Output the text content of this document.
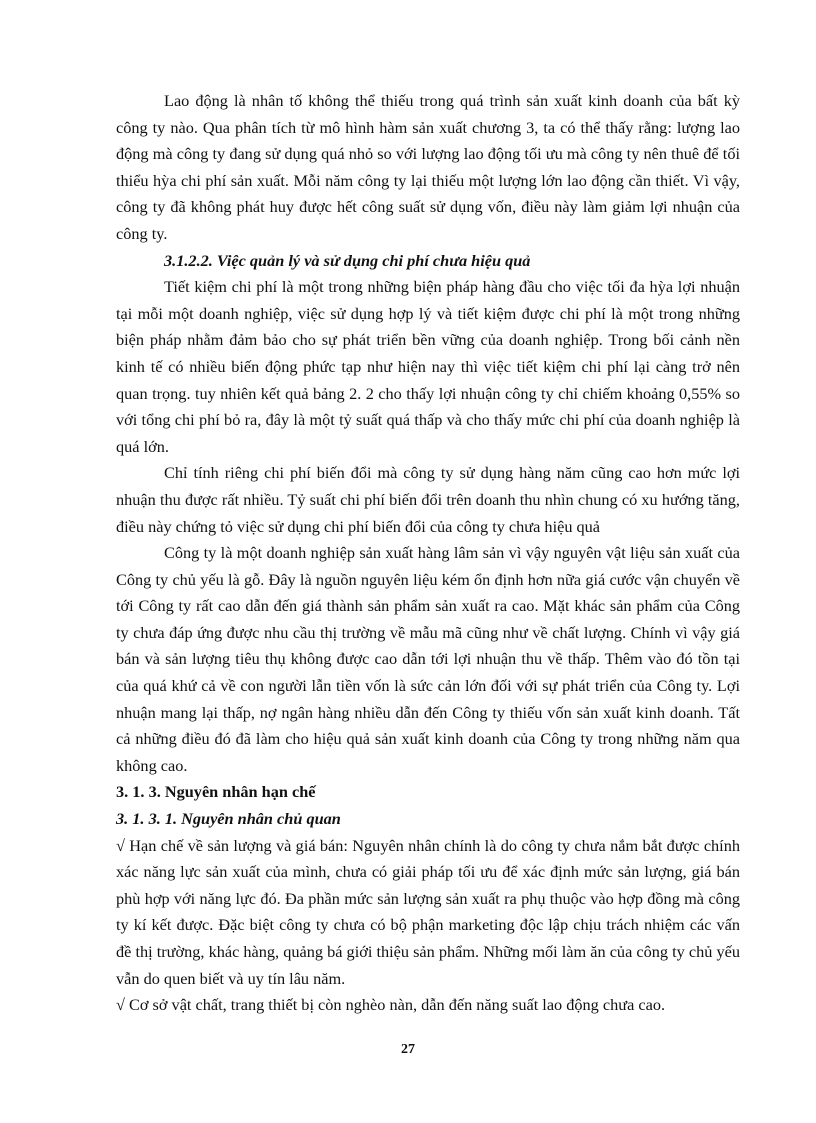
Lao động là nhân tố không thể thiếu trong quá trình sản xuất kinh doanh của bất kỳ công ty nào. Qua phân tích từ mô hình hàm sản xuất chương 3, ta có thể thấy rằng: lượng lao động mà công ty đang sử dụng quá nhỏ so với lượng lao động tối ưu mà công ty nên thuê để tối thiểu hỳa chi phí sản xuất. Mỗi năm công ty lại thiếu một lượng lớn lao động cần thiết. Vì vậy, công ty đã không phát huy được hết công suất sử dụng vốn, điều này làm giảm lợi nhuận của công ty.

3.1.2.2. Việc quản lý và sử dụng chi phí chưa hiệu quả

Tiết kiệm chi phí là một trong những biện pháp hàng đầu cho việc tối đa hỳa lợi nhuận tại mỗi một doanh nghiệp, việc sử dụng hợp lý và tiết kiệm được chi phí là một trong những biện pháp nhằm đảm bảo cho sự phát triển bền vững của doanh nghiệp. Trong bối cảnh nền kinh tế có nhiều biến động phức tạp như hiện nay thì việc tiết kiệm chi phí lại càng trở nên quan trọng. tuy nhiên kết quả bảng 2. 2 cho thấy lợi nhuận công ty chỉ chiếm khoảng 0,55% so với tổng chi phí bỏ ra, đây là một tỷ suất quá thấp và cho thấy mức chi phí của doanh nghiệp là quá lớn.

Chỉ tính riêng chi phí biến đổi mà công ty sử dụng hàng năm cũng cao hơn mức lợi nhuận thu được rất nhiều. Tỷ suất chi phí biến đổi trên doanh thu nhìn chung có xu hướng tăng, điều này chứng tỏ việc sử dụng chi phí biến đổi của công ty chưa hiệu quả

Công ty là một doanh nghiệp sản xuất hàng lâm sản vì vậy nguyên vật liệu sản xuất của Công ty chủ yếu là gỗ. Đây là nguồn nguyên liệu kém ổn định hơn nữa giá cước vận chuyển về tới Công ty rất cao dẫn đến giá thành sản phẩm sản xuất ra cao. Mặt khác sản phẩm của Công ty chưa đáp ứng được nhu cầu thị trường về mẫu mã cũng như về chất lượng. Chính vì vậy giá bán và sản lượng tiêu thụ không được cao dẫn tới lợi nhuận thu về thấp. Thêm vào đó tồn tại của quá khứ cả về con người lẫn tiền vốn là sức cản lớn đối với sự phát triển của Công ty. Lợi nhuận mang lại thấp, nợ ngân hàng nhiều dẫn đến Công ty thiếu vốn sản xuất kinh doanh. Tất cả những điều đó đã làm cho hiệu quả sản xuất kinh doanh của Công ty trong những năm qua không cao.

3. 1. 3. Nguyên nhân hạn chế

3. 1. 3. 1. Nguyên nhân chủ quan

√ Hạn chế về sản lượng và giá bán: Nguyên nhân chính là do công ty chưa nắm bắt được chính xác năng lực sản xuất của mình, chưa có giải pháp tối ưu để xác định mức sản lượng, giá bán phù hợp với năng lực đó. Đa phần mức sản lượng sản xuất ra phụ thuộc vào hợp đồng mà công ty kí kết được. Đặc biệt công ty chưa có bộ phận marketing độc lập chịu trách nhiệm các vấn đề thị trường, khác hàng, quảng bá giới thiệu sản phẩm. Những mối làm ăn của công ty chủ yếu vẫn do quen biết và uy tín lâu năm.

√ Cơ sở vật chất, trang thiết bị còn nghèo nàn, dẫn đến năng suất lao động chưa cao.

27
